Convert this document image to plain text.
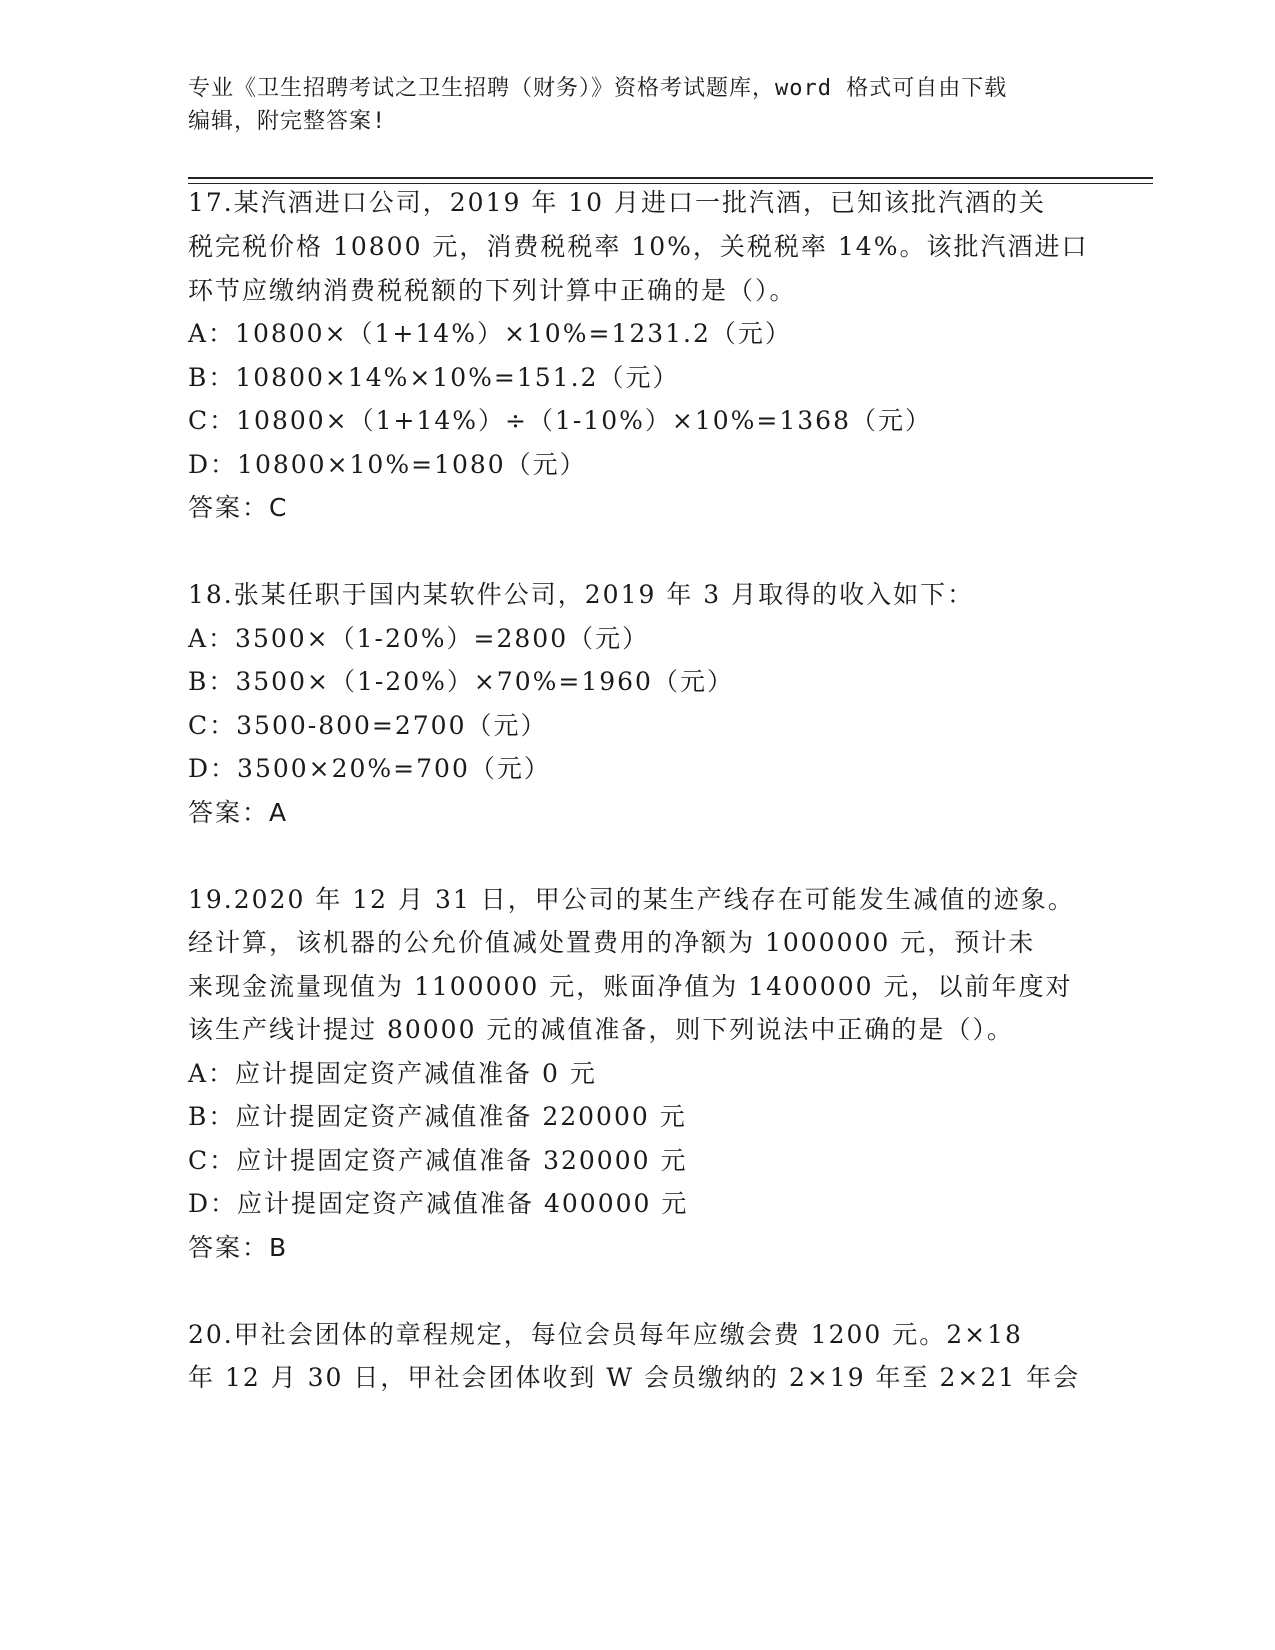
专业《卫生招聘考试之卫生招聘（财务）》资格考试题库，word 格式可自由下载
编辑，附完整答案!
17.某汽酒进口公司，2019 年 10 月进口一批汽酒，已知该批汽酒的关
税完税价格 10800 元，消费税税率 10%，关税税率 14%。该批汽酒进口
环节应缴纳消费税税额的下列计算中正确的是（）。
A：10800×（1+14%）×10%=1231.2（元）
B：10800×14%×10%=151.2（元）
C：10800×（1+14%）÷（1-10%）×10%=1368（元）
D：10800×10%=1080（元）
答案：C
18.张某任职于国内某软件公司，2019 年 3 月取得的收入如下：
A：3500×（1-20%）=2800（元）
B：3500×（1-20%）×70%=1960（元）
C：3500-800=2700（元）
D：3500×20%=700（元）
答案：A
19.2020 年 12 月 31 日，甲公司的某生产线存在可能发生减值的迹象。
经计算，该机器的公允价值减处置费用的净额为 1000000 元，预计未
来现金流量现值为 1100000 元，账面净值为 1400000 元，以前年度对
该生产线计提过 80000 元的减值准备，则下列说法中正确的是（）。
A：应计提固定资产减值准备 0 元
B：应计提固定资产减值准备 220000 元
C：应计提固定资产减值准备 320000 元
D：应计提固定资产减值准备 400000 元
答案：B
20.甲社会团体的章程规定，每位会员每年应缴会费 1200 元。2×18
年 12 月 30 日，甲社会团体收到 W 会员缴纳的 2×19 年至 2×21 年会
